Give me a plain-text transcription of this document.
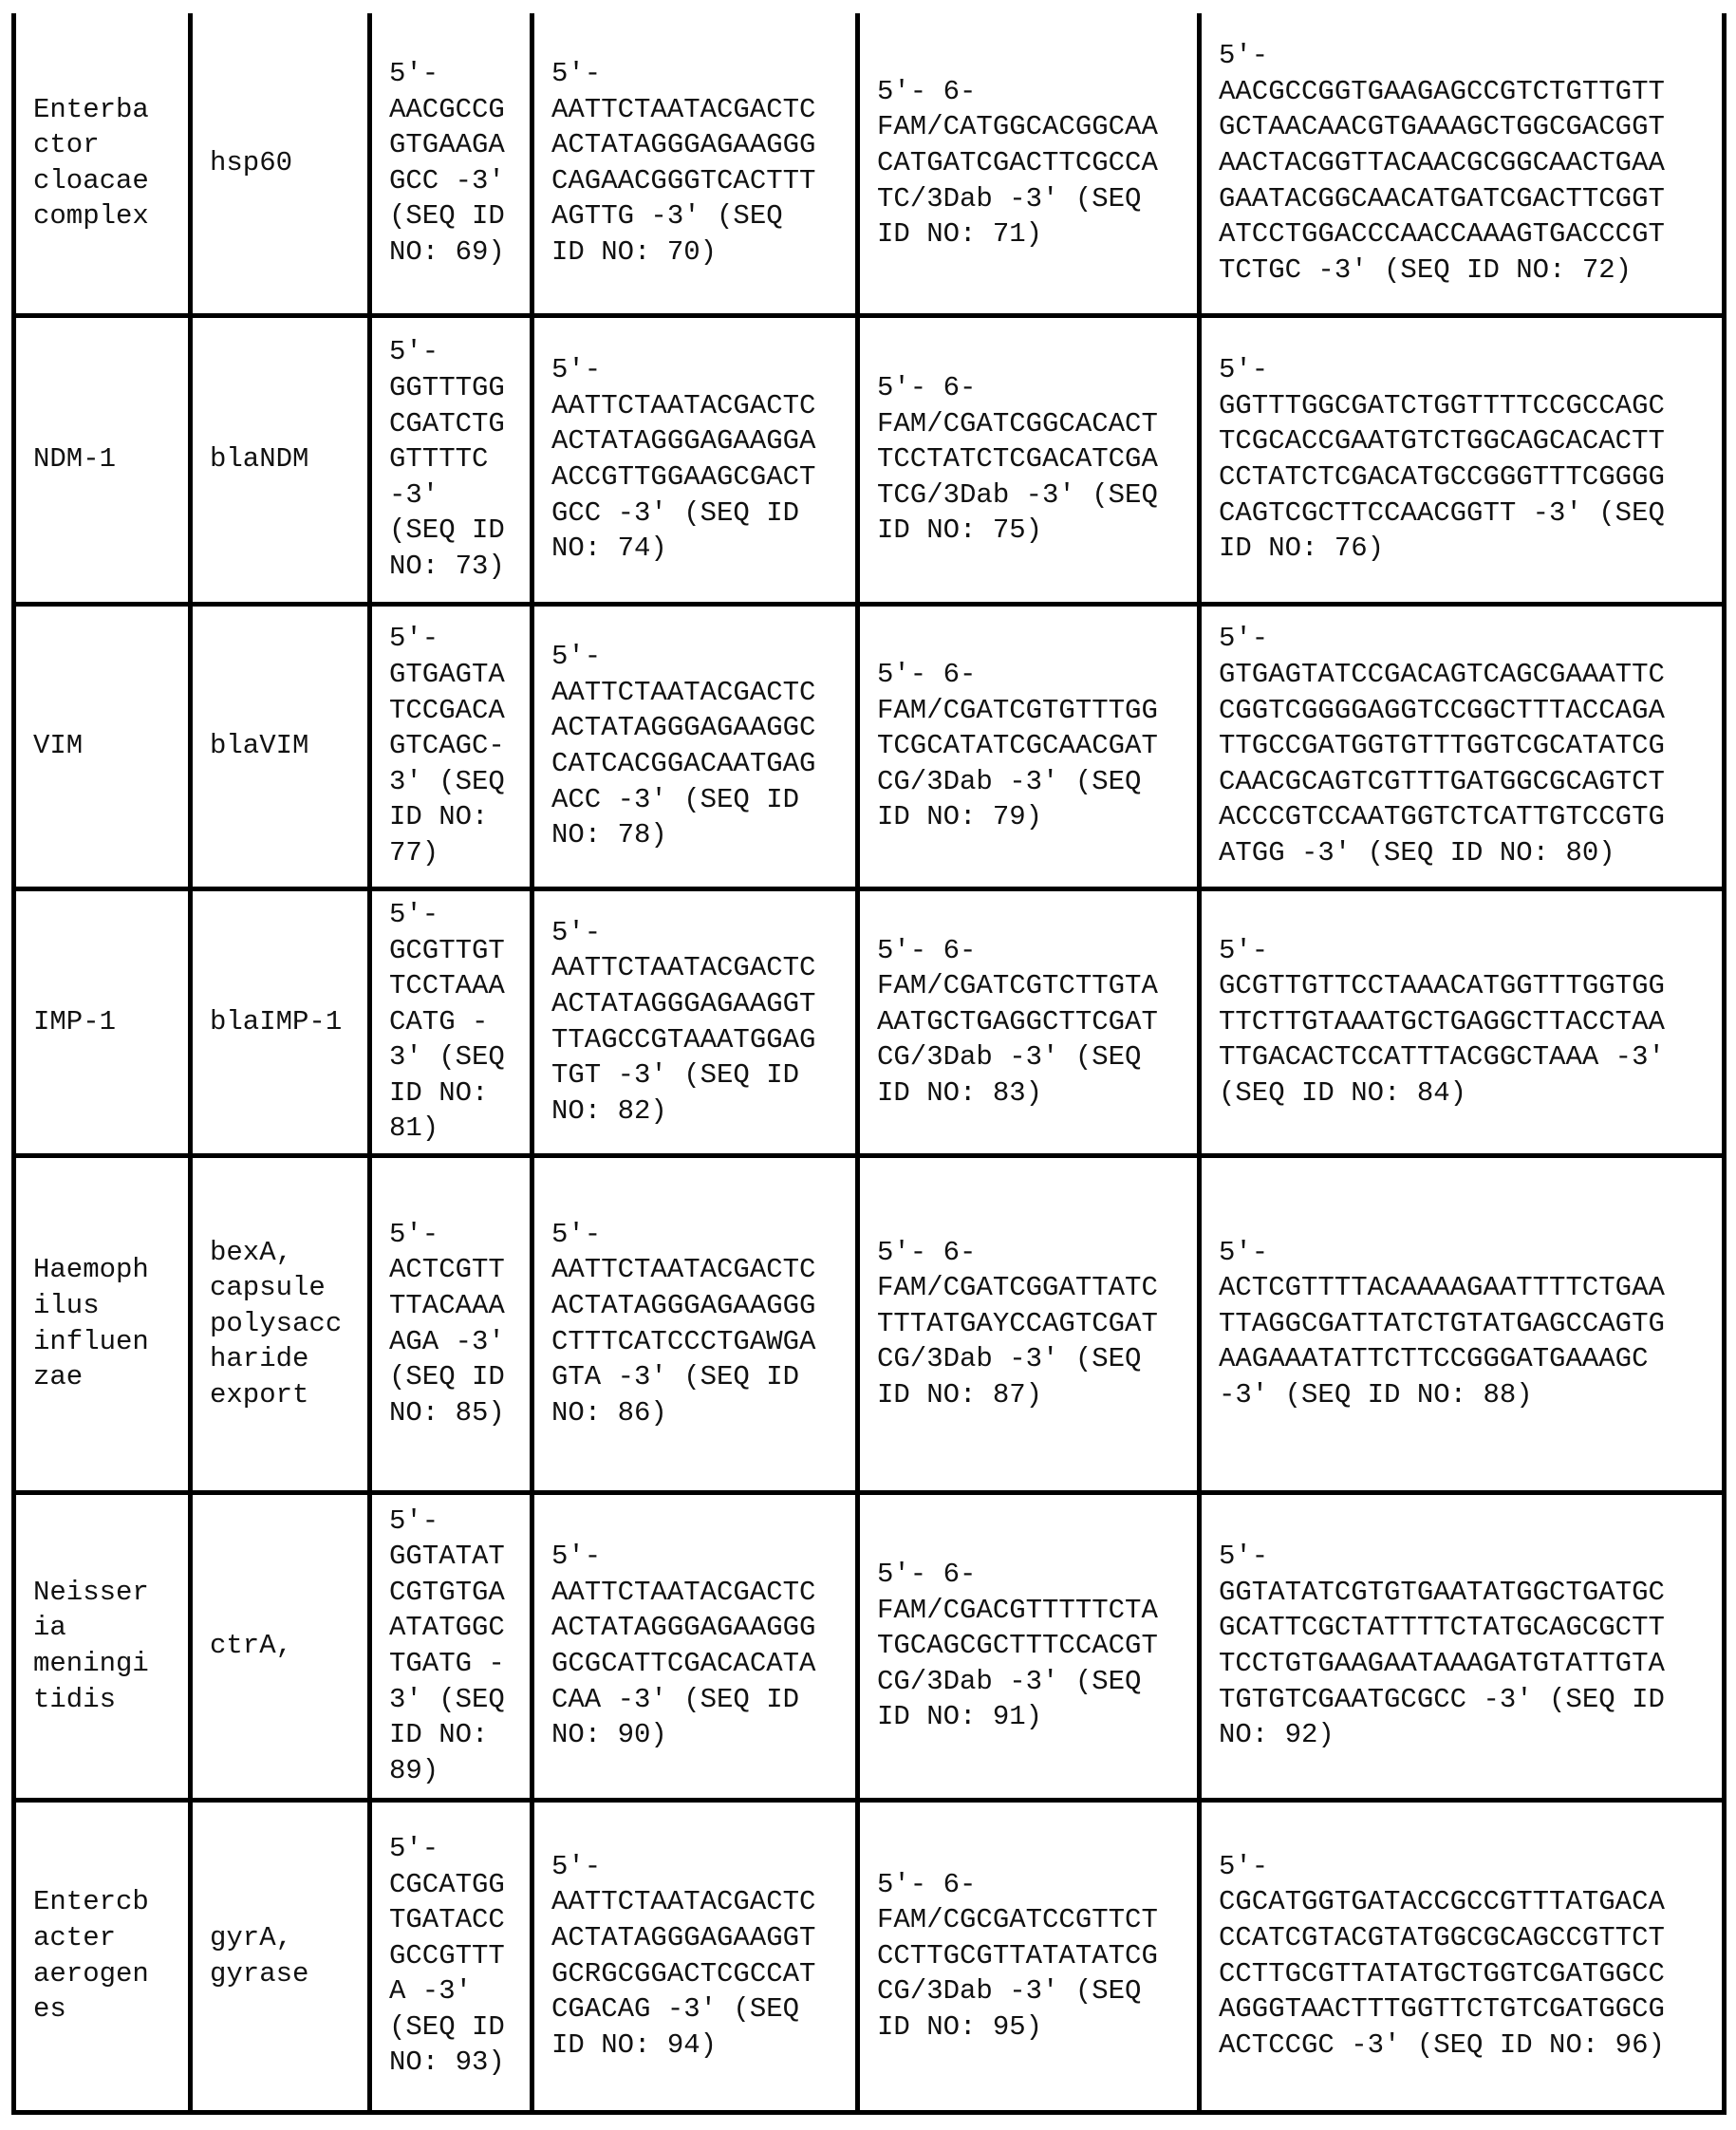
Enterba
ctor
cloacae
complex	hsp60	5′-
AACGCCG
GTGAAGA
GCC -3′
(SEQ ID
NO: 69)	5′-
AATTCTAATACGACTC
ACTATAGGGAGAAGGG
CAGAACGGGTCACTTT
AGTTG -3′ (SEQ
ID NO: 70)	5'- 6-
FAM/CATGGCACGGCAA
CATGATCGACTTCGCCA
TC/3Dab -3' (SEQ
ID NO: 71)	5'-
AACGCCGGTGAAGAGCCGTCTGTTGTT
GCTAACAACGTGAAAGCTGGCGACGGT
AACTACGGTTACAACGCGGCAACTGAA
GAATACGGCAACATGATCGACTTCGGT
ATCCTGGACCCAACCAAAGTGACCCGT
TCTGC -3' (SEQ ID NO: 72)
NDM-1	blaNDM	5′-
GGTTTGG
CGATCTG
GTTTTC
-3′
(SEQ ID
NO: 73)	5′-
AATTCTAATACGACTC
ACTATAGGGAGAAGGA
ACCGTTGGAAGCGACT
GCC -3′ (SEQ ID
NO: 74)	5′- 6-
FAM/CGATCGGCACACT
TCCTATCTCGACATCGA
TCG/3Dab -3′ (SEQ
ID NO: 75)	5'-
GGTTTGGCGATCTGGTTTTCCGCCAGC
TCGCACCGAATGTCTGGCAGCACACTT
CCTATCTCGACATGCCGGGTTTCGGGG
CAGTCGCTTCCAACGGTT -3' (SEQ
ID NO: 76)
VIM	blaVIM	5′-
GTGAGTA
TCCGACA
GTCAGC-
3′ (SEQ
ID NO:
77)	5′-
AATTCTAATACGACTC
ACTATAGGGAGAAGGC
CATCACGGACAATGAG
ACC -3' (SEQ ID
NO: 78)	5′- 6-
FAM/CGATCGTGTTTGG
TCGCATATCGCAACGAT
CG/3Dab -3′ (SEQ
ID NO: 79)	5'-
GTGAGTATCCGACAGTCAGCGAAATTC
CGGTCGGGGAGGTCCGGCTTTACCAGA
TTGCCGATGGTGTTTGGTCGCATATCG
CAACGCAGTCGTTTGATGGCGCAGTCT
ACCCGTCCAATGGTCTCATTGTCCGTG
ATGG -3' (SEQ ID NO: 80)
IMP-1	blaIMP-1	5′-
GCGTTGT
TCCTAAA
CATG -
3′ (SEQ
ID NO:
81)	5′-
AATTCTAATACGACTC
ACTATAGGGAGAAGGT
TTAGCCGTAAATGGAG
TGT -3′ (SEQ ID
NO: 82)	5'- 6-
FAM/CGATCGTCTTGTA
AATGCTGAGGCTTCGAT
CG/3Dab -3' (SEQ
ID NO: 83)	5'-
GCGTTGTTCCTAAACATGGTTTGGTGG
TTCTTGTAAATGCTGAGGCTTACCTAA
TTGACACTCCATTTACGGCTAAA -3'
(SEQ ID NO: 84)
Haemoph
ilus
influen
zae	bexA,
capsule
polysacc
haride
export	5′-
ACTCGTT
TTACAAA
AGA -3′
(SEQ ID
NO: 85)	5′-
AATTCTAATACGACTC
ACTATAGGGAGAAGGG
CTTTCATCCCTGAWGA
GTA -3' (SEQ ID
NO: 86)	5'- 6-
FAM/CGATCGGATTATC
TTTATGAYCCAGTCGAT
CG/3Dab -3' (SEQ
ID NO: 87)	5'-
ACTCGTTTTACAAAAGAATTTTCTGAA
TTAGGCGATTATCTGTATGAGCCAGTG
AAGAAATATTCTTCCGGGATGAAAGC
-3' (SEQ ID NO: 88)
Neisser
ia
meningi
tidis	ctrA,	5′-
GGTATAT
CGTGTGA
ATATGGC
TGATG -
3′ (SEQ
ID NO:
89)	5′-
AATTCTAATACGACTC
ACTATAGGGAGAAGGG
GCGCATTCGACACATA
CAA -3' (SEQ ID
NO: 90)	5'- 6-
FAM/CGACGTTTTTCTA
TGCAGCGCTTTCCACGT
CG/3Dab -3′ (SEQ
ID NO: 91)	5'-
GGTATATCGTGTGAATATGGCTGATGC
GCATTCGCTATTTTCTATGCAGCGCTT
TCCTGTGAAGAATAAAGATGTATTGTA
TGTGTCGAATGCGCC -3' (SEQ ID
NO: 92)
Entercb
acter
aerogen
es	gyrA,
gyrase	5′-
CGCATGG
TGATACC
GCCGTTT
A -3'
(SEQ ID
NO: 93)	5′-
AATTCTAATACGACTC
ACTATAGGGAGAAGGT
GCRGCGGACTCGCCAT
CGACAG -3' (SEQ
ID NO: 94)	5′- 6-
FAM/CGCGATCCGTTCT
CCTTGCGTTATATATCG
CG/3Dab -3′ (SEQ
ID NO: 95)	5'-
CGCATGGTGATACCGCCGTTTATGACA
CCATCGTACGTATGGCGCAGCCGTTCT
CCTTGCGTTATATGCTGGTCGATGGCC
AGGGTAACTTTGGTTCTGTCGATGGCG
ACTCCGC -3' (SEQ ID NO: 96)
